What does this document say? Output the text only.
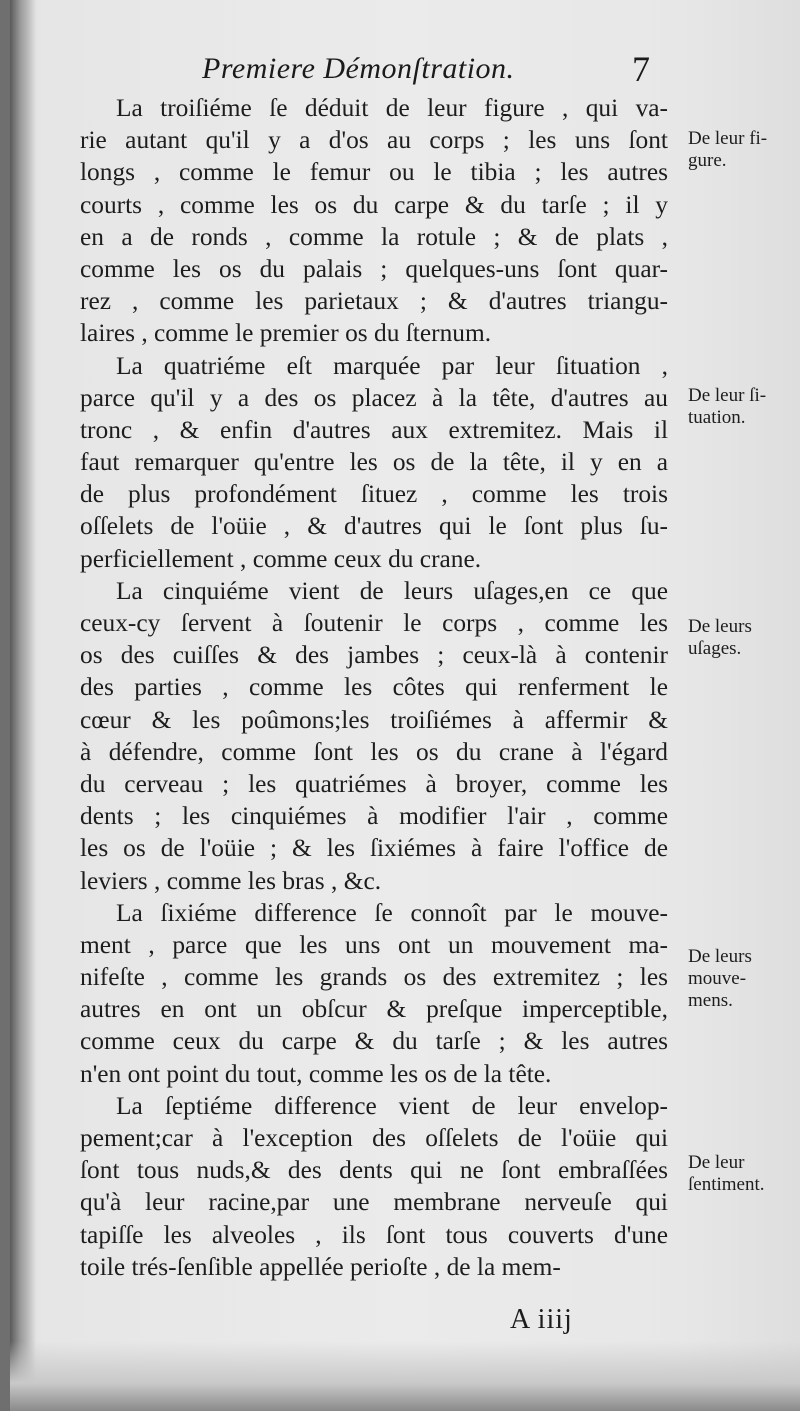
Premiere Démonſtration.	7
La troiſiéme ſe déduit de leur figure , qui va-
rie autant qu'il y a d'os au corps ; les uns ſont
longs , comme le femur ou le tibia ; les autres
courts , comme les os du carpe & du tarſe ; il y
en a de ronds , comme la rotule ; & de plats ,
comme les os du palais ; quelques-uns ſont quar-
rez , comme les parietaux ; & d'autres triangu-
laires , comme le premier os du ſternum.
La quatriéme eſt marquée par leur ſituation ,
parce qu'il y a des os placez à la tête, d'autres au
tronc , & enfin d'autres aux extremitez. Mais il
faut remarquer qu'entre les os de la tête, il y en a
de plus profondément ſituez , comme les trois
oſſelets de l'oüie , & d'autres qui le ſont plus ſu-
perficiellement , comme ceux du crane.
La cinquiéme vient de leurs uſages,en ce que
ceux-cy ſervent à ſoutenir le corps , comme les
os des cuiſſes & des jambes ; ceux-là à contenir
des parties , comme les côtes qui renferment le
cœur & les poûmons;les troiſiémes à affermir &
à défendre, comme ſont les os du crane à l'égard
du cerveau ; les quatriémes à broyer, comme les
dents ; les cinquiémes à modifier l'air , comme
les os de l'oüie ; & les ſixiémes à faire l'office de
leviers , comme les bras , &c.
La ſixiéme difference ſe connoît par le mouve-
ment , parce que les uns ont un mouvement ma-
nifeſte , comme les grands os des extremitez ; les
autres en ont un obſcur & preſque imperceptible,
comme ceux du carpe & du tarſe ; & les autres
n'en ont point du tout, comme les os de la tête.
La ſeptiéme difference vient de leur envelop-
pement;car à l'exception des oſſelets de l'oüie qui
ſont tous nuds,& des dents qui ne ſont embraſſées
qu'à leur racine,par une membrane nerveuſe qui
tapiſſe les alveoles , ils ſont tous couverts d'une
toile trés-ſenſible appellée perioſte , de la mem-
De leur fi-
gure.
De leur ſi-
tuation.
De leurs
uſages.
De leurs
mouve-
mens.
De leur
ſentiment.
A iiij
